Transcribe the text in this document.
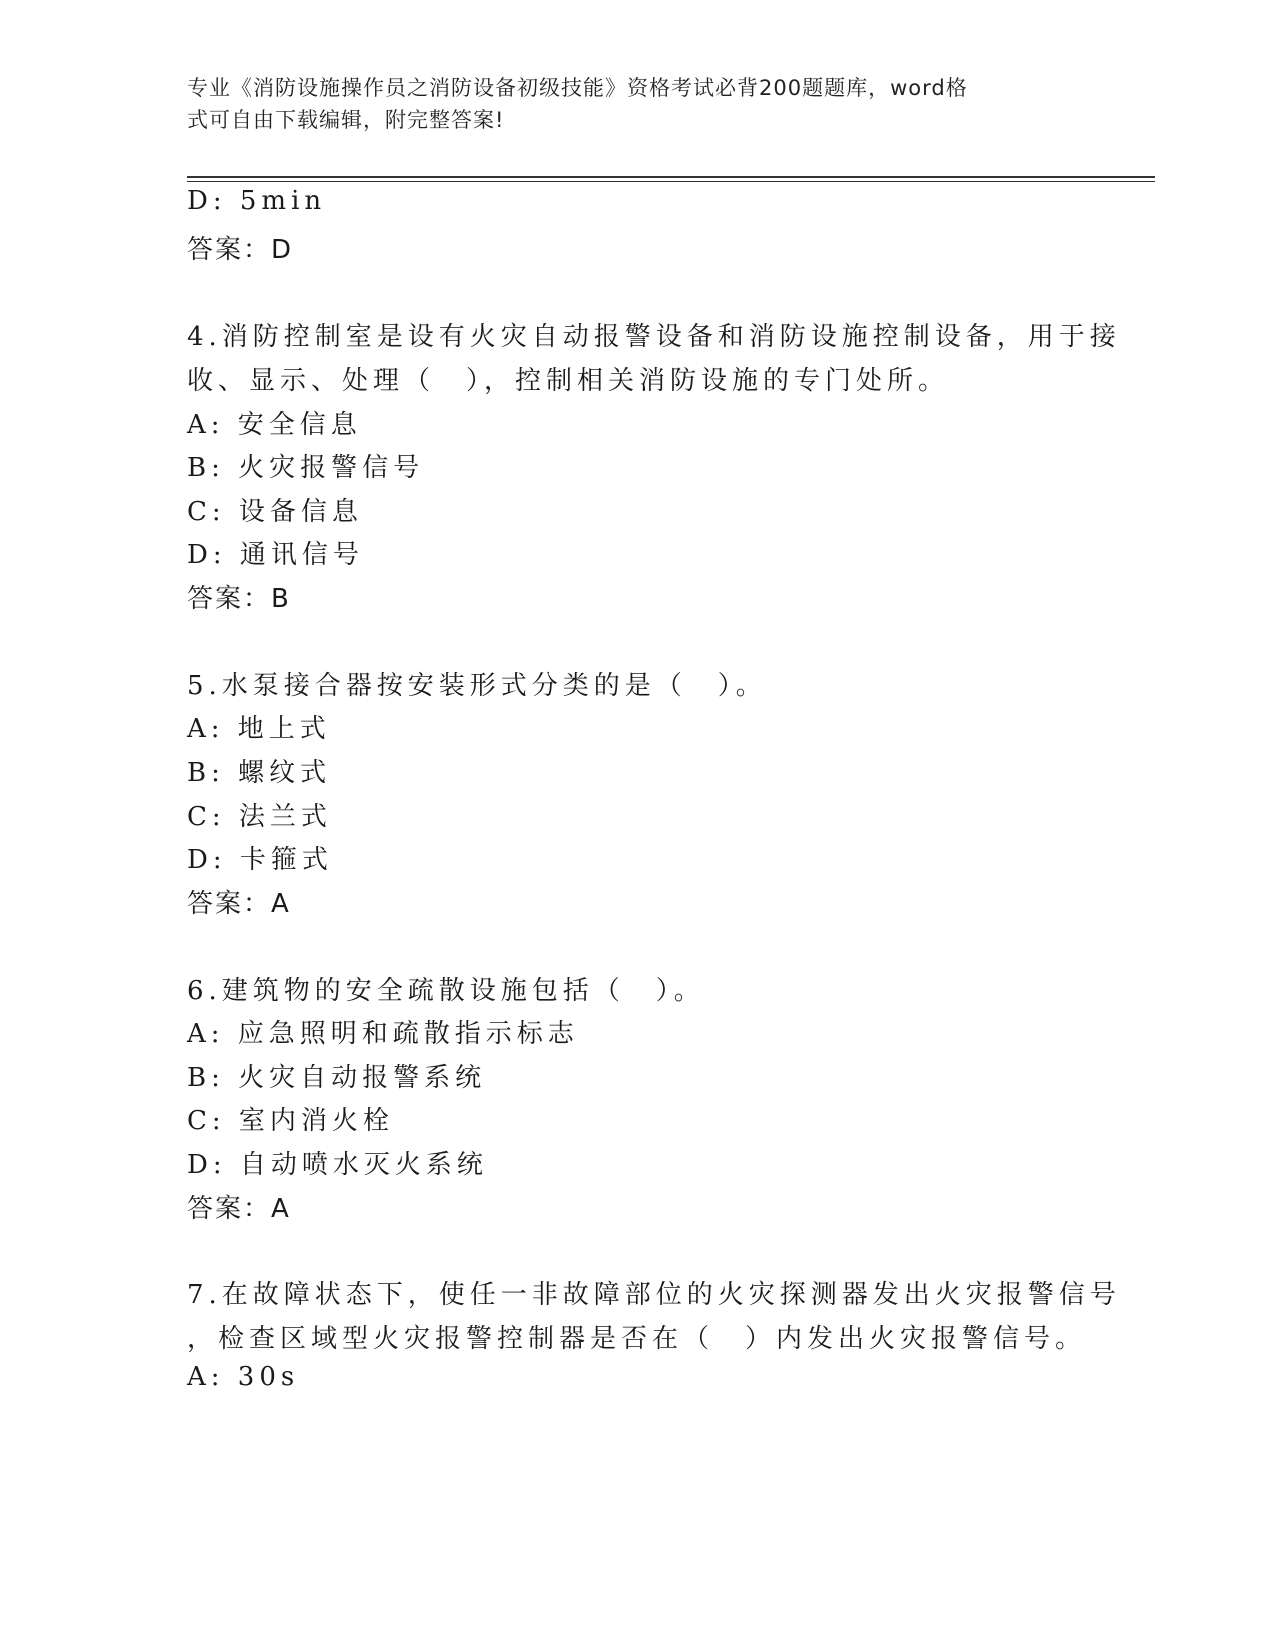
专业《消防设施操作员之消防设备初级技能》资格考试必背200题题库，word格
式可自由下载编辑，附完整答案!
D: 5min
答案：D
4.消防控制室是设有火灾自动报警设备和消防设施控制设备，用于接
收、显示、处理（　），控制相关消防设施的专门处所。
A: 安全信息
B: 火灾报警信号
C: 设备信息
D: 通讯信号
答案：B
5.水泵接合器按安装形式分类的是（　）。
A: 地上式
B: 螺纹式
C: 法兰式
D: 卡箍式
答案：A
6.建筑物的安全疏散设施包括（　）。
A: 应急照明和疏散指示标志
B: 火灾自动报警系统
C: 室内消火栓
D: 自动喷水灭火系统
答案：A
7.在故障状态下，使任一非故障部位的火灾探测器发出火灾报警信号
，检查区域型火灾报警控制器是否在（　）内发出火灾报警信号。
A: 30s
